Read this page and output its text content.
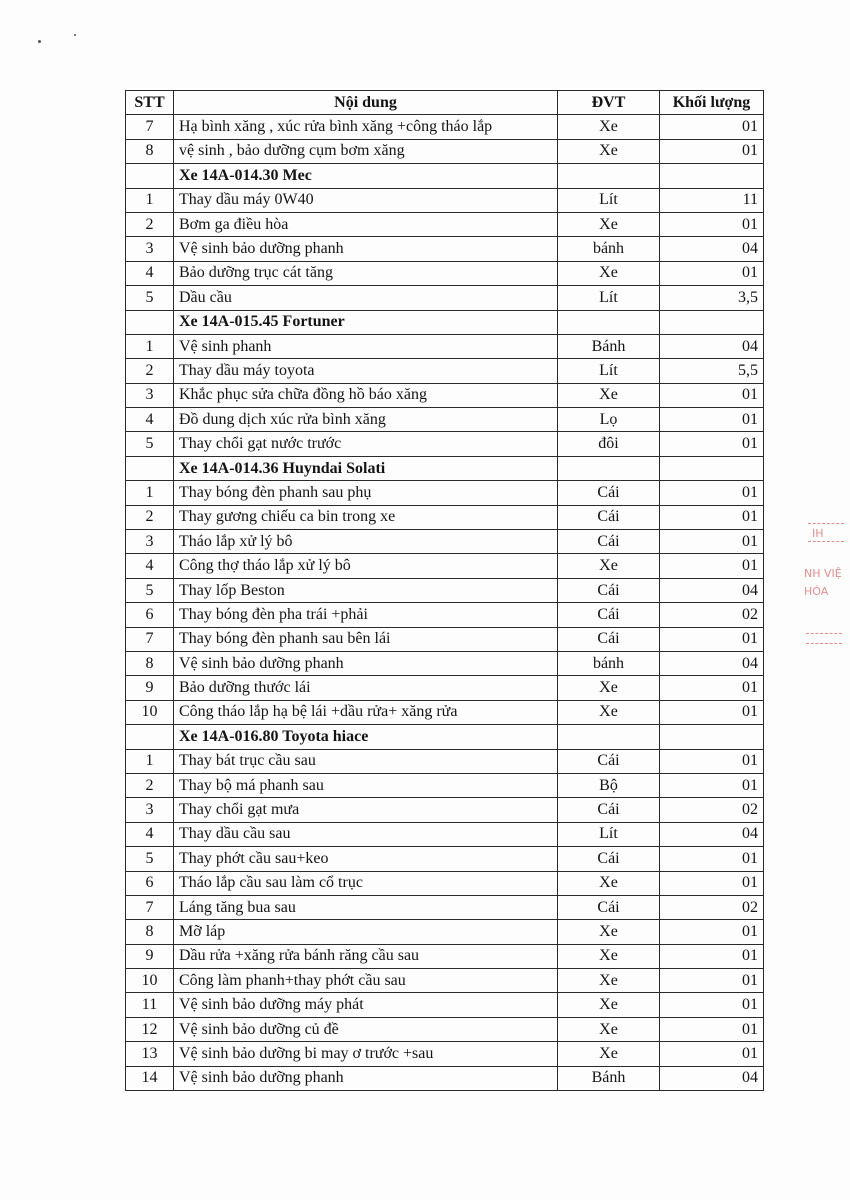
STT	Nội dung	ĐVT	Khối lượng
7	Hạ bình xăng , xúc rửa bình xăng +công tháo lắp	Xe	01
8	vệ sinh , bảo dưỡng cụm bơm xăng	Xe	01
	Xe 14A-014.30 Mec		
1	Thay dầu máy 0W40	Lít	11
2	Bơm ga điều hòa	Xe	01
3	Vệ sinh bảo dưỡng phanh	bánh	04
4	Bảo dưỡng trục cát tăng	Xe	01
5	Dầu cầu	Lít	3,5
	Xe 14A-015.45 Fortuner		
1	Vệ sinh phanh	Bánh	04
2	Thay dầu máy toyota	Lít	5,5
3	Khắc phục sửa chữa đồng hồ báo xăng	Xe	01
4	Đồ dung dịch xúc rửa bình xăng	Lọ	01
5	Thay chổi gạt nước trước	đôi	01
	Xe 14A-014.36 Huyndai Solati		
1	Thay bóng đèn phanh sau phụ	Cái	01
2	Thay gương chiếu ca bin trong xe	Cái	01
3	Tháo lắp xử lý bô	Cái	01
4	Công thợ tháo lắp xử lý bô	Xe	01
5	Thay lốp Beston	Cái	04
6	Thay bóng đèn pha trái +phải	Cái	02
7	Thay bóng đèn phanh sau bên lái	Cái	01
8	Vệ sinh bảo dưỡng phanh	bánh	04
9	Bảo dưỡng thước lái	Xe	01
10	Công tháo lắp hạ bệ lái +dầu rửa+ xăng rửa	Xe	01
	Xe 14A-016.80 Toyota hiace		
1	Thay bát trục cầu sau	Cái	01
2	Thay bộ má phanh sau	Bộ	01
3	Thay chổi gạt mưa	Cái	02
4	Thay dầu cầu sau	Lít	04
5	Thay phớt cầu sau+keo	Cái	01
6	Tháo lắp cầu sau làm cổ trục	Xe	01
7	Láng tăng bua sau	Cái	02
8	Mỡ láp	Xe	01
9	Dầu rửa +xăng rửa bánh răng cầu sau	Xe	01
10	Công làm phanh+thay phớt cầu sau	Xe	01
11	Vệ sinh bảo dưỡng máy phát	Xe	01
12	Vệ sinh bảo dưỡng củ đề	Xe	01
13	Vệ sinh bảo dưỡng bi may ơ trước +sau	Xe	01
14	Vệ sinh bảo dưỡng phanh	Bánh	04
IH
NH VIỆ
HÓA
